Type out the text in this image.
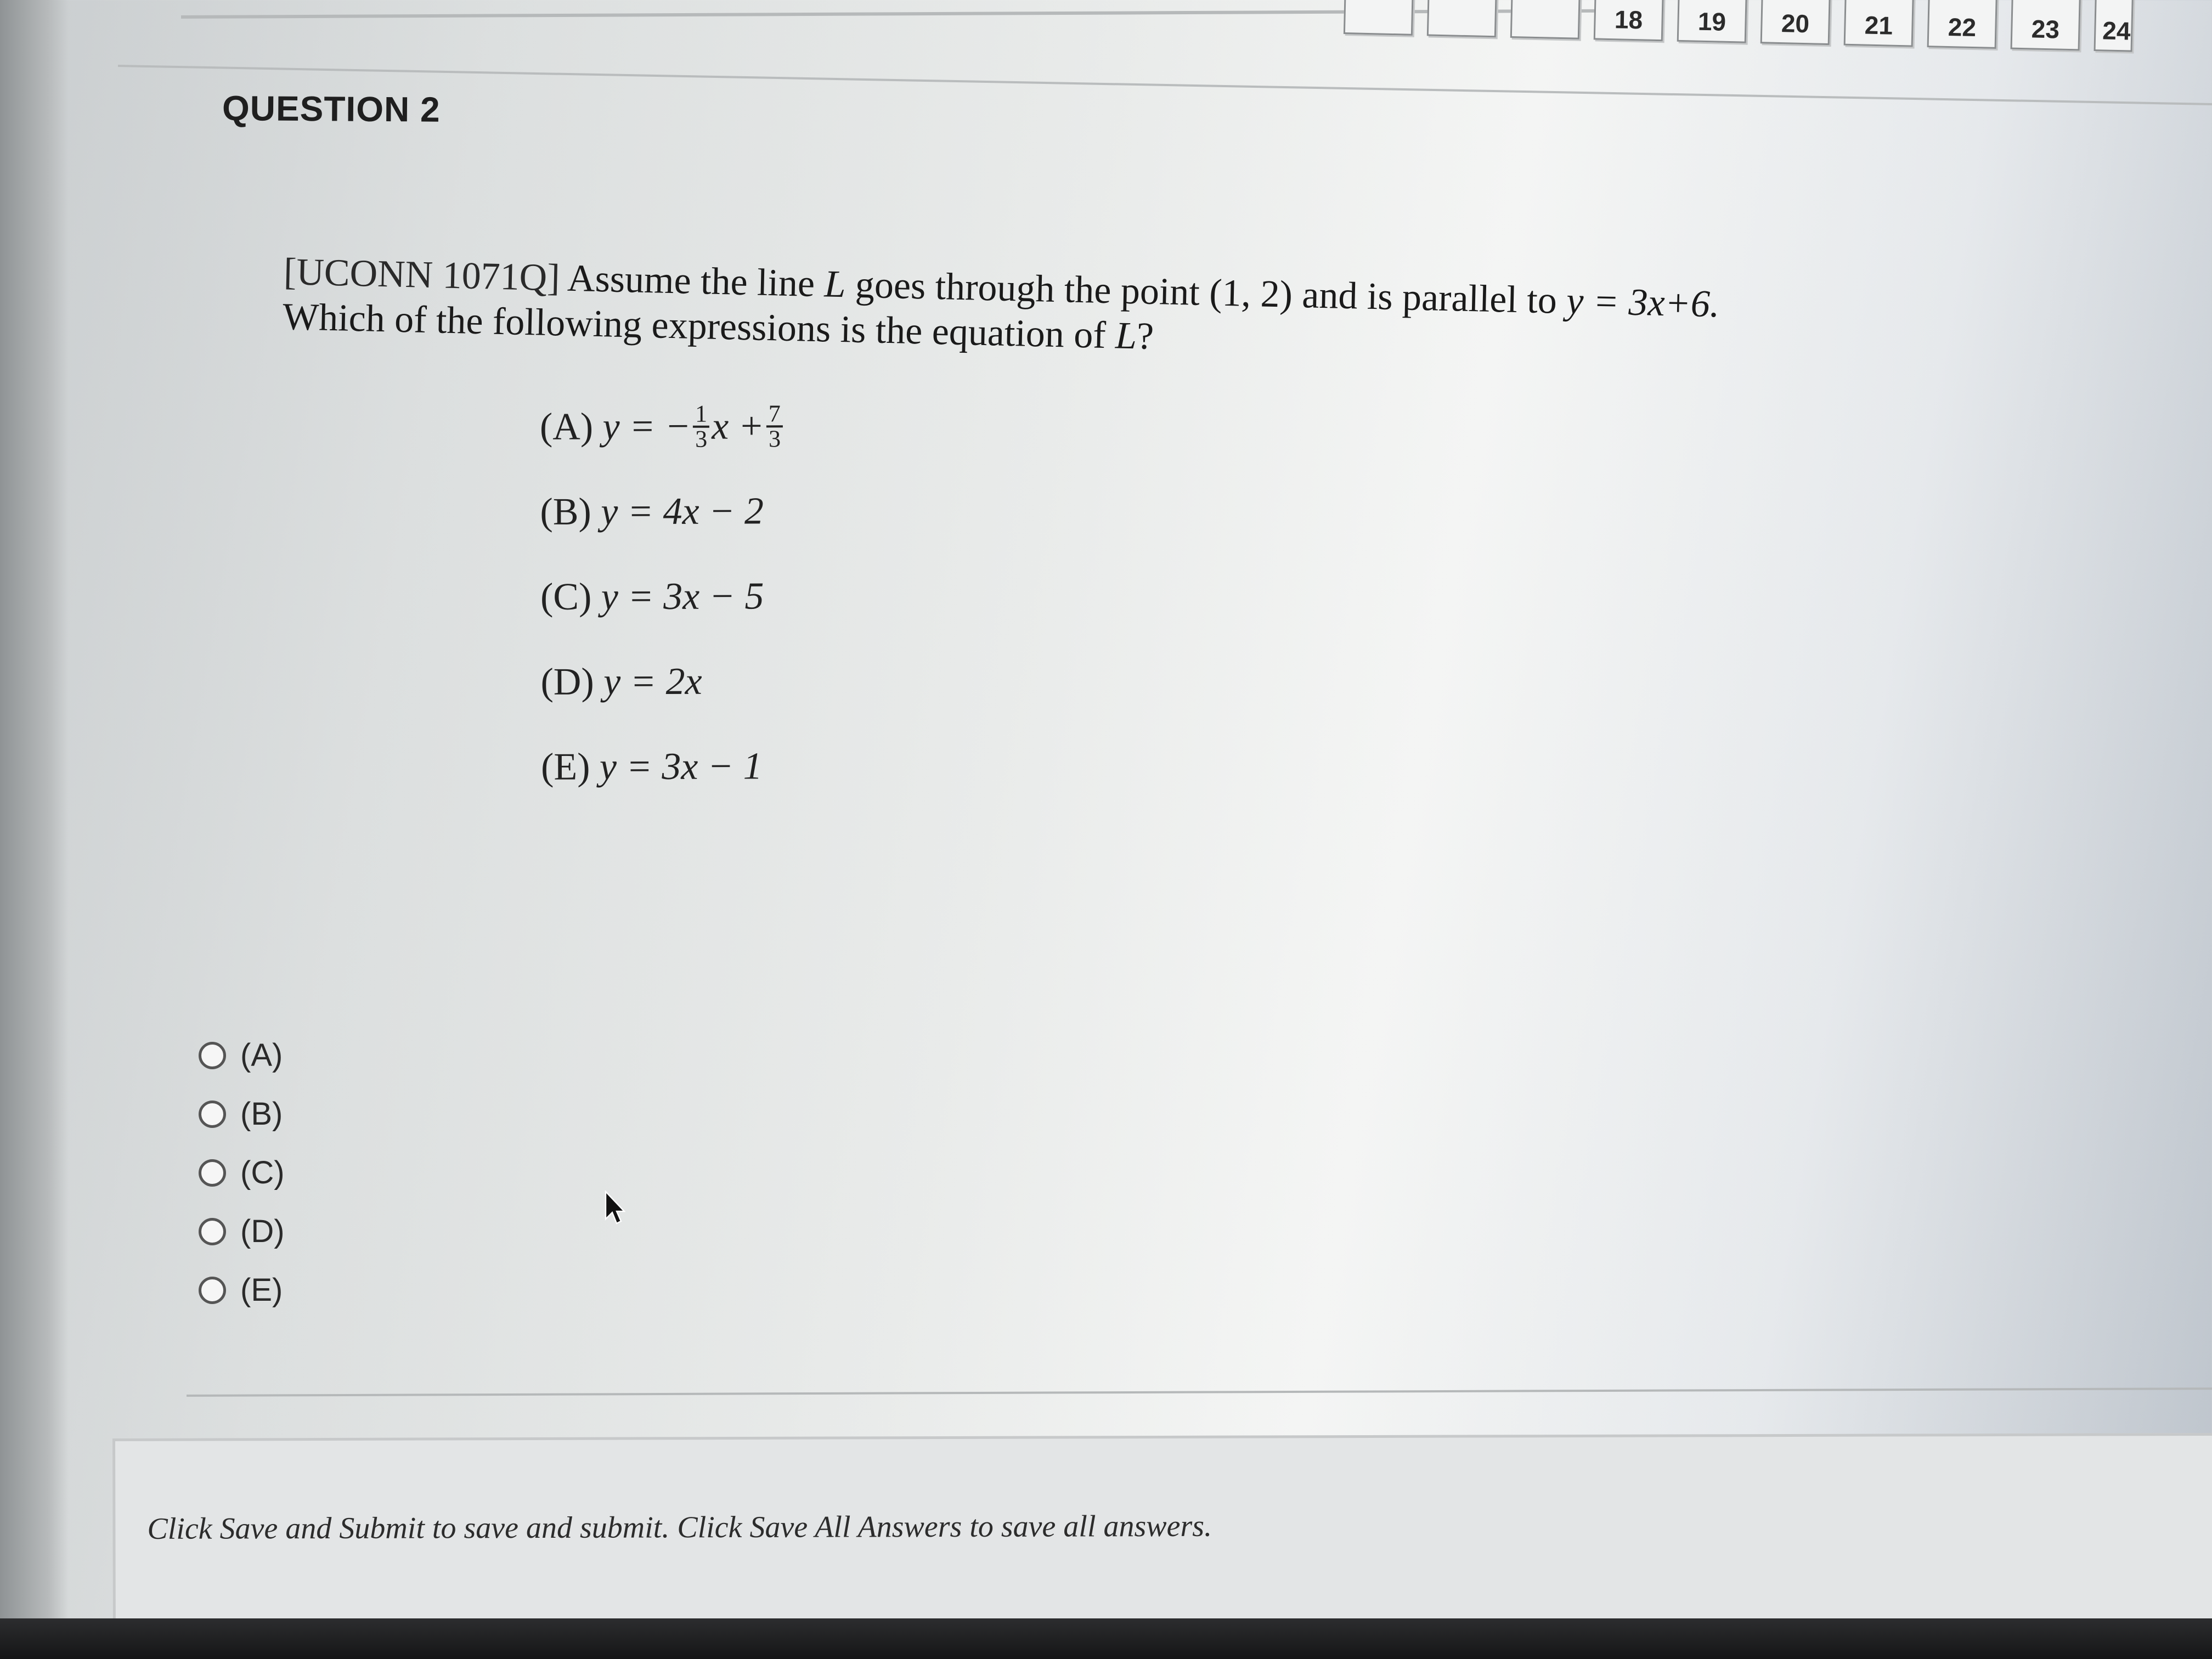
18	19	20	21	22	23	24
QUESTION 2
[UCONN 1071Q] Assume the line L goes through the point (1, 2) and is parallel to y = 3x+6.
Which of the following expressions is the equation of L?
(A)
y = − $\frac{1}{3}$ $x + \frac{7}{3}$
(B)
y = 4x − 2
(C)
y = 3x − 5
(D)
y = 2x
(E)
y = 3x − 1
(A)
(B)
(C)
(D)
(E)
Click Save and Submit to save and submit. Click Save All Answers to save all answers.
